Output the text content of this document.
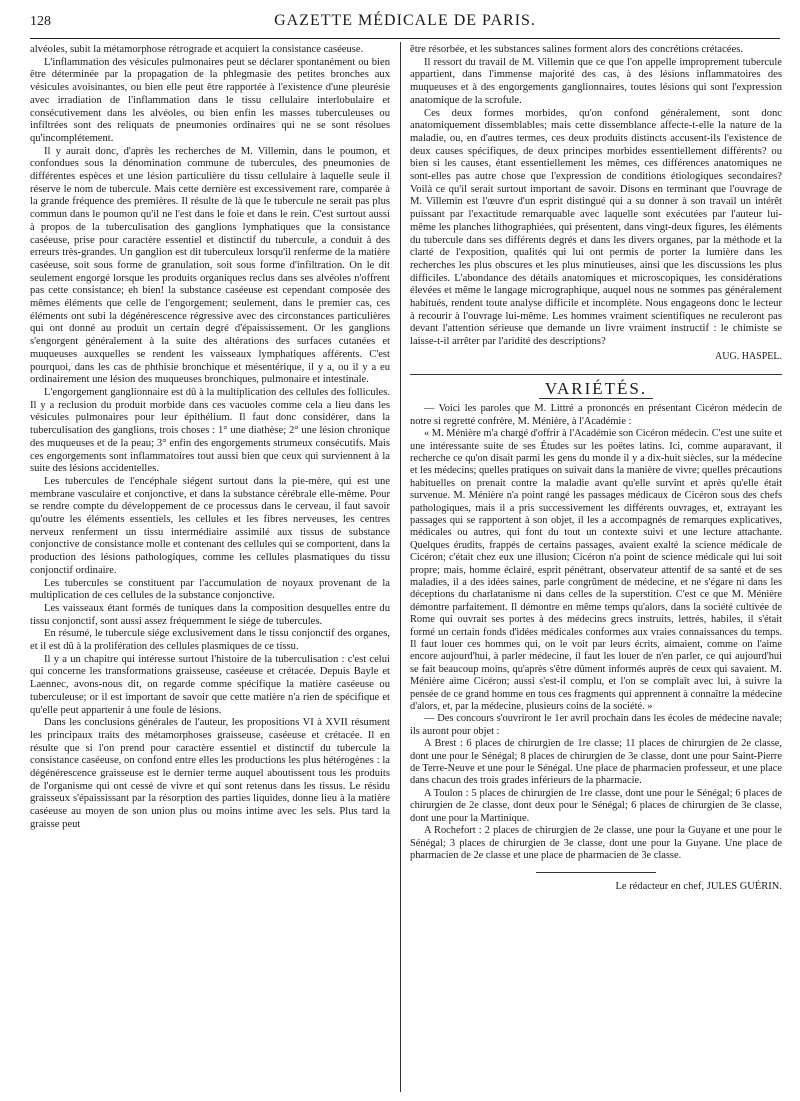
128	GAZETTE MÉDICALE DE PARIS.

alvéoles, subit la métamorphose rétrograde et acquiert la consistance caséeuse.

L'inflammation des vésicules pulmonaires peut se déclarer spontanément ou bien être déterminée par la propagation de la phlegmasie des petites bronches aux vésicules avoisinantes, ou bien elle peut être rapportée à l'existence d'une pleurésie avec irradiation de l'inflammation dans le tissu cellulaire interlobulaire et consécutivement dans les alvéoles, ou bien enfin les masses tuberculeuses ou infiltrées sont des reliquats de pneumonies ordinaires qui ne se sont résolues qu'incomplétement.

Il y aurait donc, d'après les recherches de M. Villemin, dans le poumon, et confondues sous la dénomination commune de tubercules, des pneumonies de différentes espèces et une lésion particulière du tissu cellulaire à laquelle seule il réserve le nom de tubercule. Mais cette dernière est excessivement rare, comparée à la grande fréquence des premières. Il résulte de là que le tubercule ne serait pas plus commun dans le poumon qu'il ne l'est dans le foie et dans le rein. C'est surtout aussi à propos de la tuberculisation des ganglions lymphatiques que la consistance caséeuse, prise pour caractère essentiel et distinctif du tubercule, a conduit à des erreurs très-grandes. Un ganglion est dit tuberculeux lorsqu'il renferme de la matière caséeuse, soit sous forme de granulation, soit sous forme d'infiltration. On le dit seulement engorgé lorsque les produits organiques reclus dans ses alvéoles n'offrent pas cette consistance; eh bien! la substance caséeuse est cependant composée des mêmes éléments que celle de l'engorgement; seulement, dans le premier cas, ces éléments ont subi la dégénérescence régressive avec des circonstances particulières qui ont donné au produit un certain degré d'épaississement. Or les ganglions s'engorgent généralement à la suite des altérations des surfaces cutanées et muqueuses auxquelles se rendent les vaisseaux lymphatiques afférents. C'est pourquoi, dans les cas de phthisie bronchique et mésentérique, il y a, ou il y a eu ordinairement une lésion des muqueuses bronchiques, pulmonaire et intestinale.

L'engorgement ganglionnaire est dû à la multiplication des cellules des follicules. Il y a reclusion du produit morbide dans ces vacuoles comme cela a lieu dans les vésicules pulmonaires pour leur épithélium. Il faut donc considérer, dans la tuberculisation des ganglions, trois choses : 1° une diathèse; 2° une lésion chronique des muqueuses et de la peau; 3° enfin des engorgements strumeux consécutifs. Mais ces engorgements sont inflammatoires tout aussi bien que ceux qui surviennent à la suite des lésions accidentelles.

Les tubercules de l'encéphale siégent surtout dans la pie-mère, qui est une membrane vasculaire et conjonctive, et dans la substance cérébrale elle-même. Pour se rendre compte du développement de ce processus dans le cerveau, il faut savoir qu'outre les éléments essentiels, les cellules et les fibres nerveuses, les centres nerveux renferment un tissu intermédiaire assimilé aux tissus de substance conjonctive de consistance molle et contenant des cellules qui se comportent, dans la production des lésions pathologiques, comme les cellules plasmatiques du tissu conjonctif ordinaire.

Les tubercules se constituent par l'accumulation de noyaux provenant de la multiplication de ces cellules de la substance conjonctive.

Les vaisseaux étant formés de tuniques dans la composition desquelles entre du tissu conjonctif, sont aussi assez fréquemment le siége de tubercules.

En résumé, le tubercule siége exclusivement dans le tissu conjonctif des organes, et il est dû à la prolifération des cellules plasmiques de ce tissu.

Il y a un chapitre qui intéresse surtout l'histoire de la tuberculisation : c'est celui qui concerne les transformations graisseuse, caséeuse et crétacée. Depuis Bayle et Laennec, avons-nous dit, on regarde comme spécifique la matière caséeuse ou tuberculeuse; or il est important de savoir que cette matière n'a rien de spécifique et qu'elle peut appartenir à une foule de lésions.

Dans les conclusions générales de l'auteur, les propositions VI à XVII résument les principaux traits des métamorphoses graisseuse, caséeuse et crétacée. Il en résulte que si l'on prend pour caractère essentiel et distinctif du tubercule la consistance caséeuse, on confond entre elles les productions les plus hétérogènes : la dégénérescence graisseuse est le dernier terme auquel aboutissent tous les produits de l'organisme qui ont cessé de vivre et qui sont retenus dans les tissus. Le résidu graisseux s'épaississant par la résorption des parties liquides, donne lieu à la matière caséeuse au moyen de son union plus ou moins intime avec les sels. Plus tard la graisse peut

être résorbée, et les substances salines forment alors des concrétions crétacées.

Il ressort du travail de M. Villemin que ce que l'on appelle improprement tubercule appartient, dans l'immense majorité des cas, à des lésions inflammatoires des muqueuses et à des engorgements ganglionnaires, toutes lésions qui sont l'expression anatomique de la scrofule.

Ces deux formes morbides, qu'on confond généralement, sont donc anatomiquement dissemblables; mais cette dissemblance affecte-t-elle la nature de la maladie, ou, en d'autres termes, ces deux produits distincts accusent-ils l'existence de deux causes spécifiques, de deux principes morbides essentiellement différents? ou bien si les causes, étant essentiellement les mêmes, ces différences anatomiques ne sont-elles pas autre chose que l'expression de conditions étiologiques secondaires? Voilà ce qu'il serait surtout important de savoir. Disons en terminant que l'ouvrage de M. Villemin est l'œuvre d'un esprit distingué qui a su donner à son travail un intérêt puissant par l'exactitude remarquable avec laquelle sont exécutées par l'auteur lui-même les planches lithographiées, qui présentent, dans vingt-deux figures, les éléments du tubercule dans ses différents degrés et dans les divers organes, par la méthode et la clarté de l'exposition, qualités qui lui ont permis de porter la lumière dans les recherches les plus obscures et les plus minutieuses, ainsi que les discussions les plus difficiles. L'abondance des détails anatomiques et microscopiques, les considérations élevées et même le langage micrographique, auquel nous ne sommes pas généralement habitués, rendent toute analyse difficile et incomplète. Nous engageons donc le lecteur à recourir à l'ouvrage lui-même. Les hommes vraiment scientifiques ne reculeront pas devant l'attention sérieuse que demande un livre vraiment instructif : le chimiste se laisse-t-il arrêter par l'aridité des descriptions?

AUG. HASPEL.
VARIÉTÉS.

— Voici les paroles que M. Littré a prononcés en présentant Cicéron médecin de notre si regretté confrère, M. Ménière, à l'Académie :

« M. Ménière m'a chargé d'offrir à l'Académie son Cicéron médecin. C'est une suite et une intéressante suite de ses Études sur les poëtes latins. Ici, comme auparavant, il recherche ce qu'on disait parmi les gens du monde il y a dix-huit siècles, sur la médecine et les médecins; quelles pratiques on suivait dans la manière de vivre; quelles précautions habituelles on prenait contre la maladie avant qu'elle survînt et après qu'elle était survenue. M. Ménière n'a point rangé les passages médicaux de Cicéron sous des chefs pathologiques, mais il a pris successivement les différents ouvrages, et, extrayant les passages qui se rapportent à son objet, il les a accompagnés de remarques explicatives, médicales ou autres, qui font du tout un contexte suivi et une lecture attachante. Quelques érudits, frappés de certains passages, avaient exalté la science médicale de Cicéron; c'était chez eux une illusion; Cicéron n'a point de science médicale qui lui soit propre; mais, homme éclairé, esprit pénétrant, observateur attentif de sa santé et de ses maladies, il a des idées saines, parle congrûment de médecine, et ne s'égare ni dans les déceptions du charlatanisme ni dans celles de la superstition. C'est ce que M. Ménière démontre parfaitement. Il démontre en même temps qu'alors, dans la société cultivée de Rome qui ouvrait ses portes à des médecins grecs instruits, lettrés, habiles, il s'était formé un certain fonds d'idées médicales conformes aux vraies connaissances du temps. Il faut louer ces hommes qui, on le voit par leurs écrits, aimaient, comme on l'aime encore aujourd'hui, à parler médecine, il faut les louer de n'en parler, ce qui aujourd'hui se fait beaucoup moins, qu'après s'être dûment informés auprès de ceux qui savaient. M. Ménière aime Cicéron; aussi s'est-il complu, et l'on se complaît avec lui, à suivre la pensée de ce grand homme en tous ces fragments qui apprennent à connaître la médecine d'alors, et, par la médecine, plusieurs coins de la société. »

— Des concours s'ouvriront le 1er avril prochain dans les écoles de médecine navale; ils auront pour objet :

A Brest : 6 places de chirurgien de 1re classe; 11 places de chirurgien de 2e classe, dont une pour le Sénégal; 8 places de chirurgien de 3e classe, dont une pour Saint-Pierre de Terre-Neuve et une pour le Sénégal. Une place de pharmacien professeur, et une place dans chacun des trois grades inférieurs de la pharmacie.

A Toulon : 5 places de chirurgien de 1re classe, dont une pour le Sénégal; 6 places de chirurgien de 2e classe, dont deux pour le Sénégal; 6 places de chirurgien de 3e classe, dont une pour la Martinique.

A Rochefort : 2 places de chirurgien de 2e classe, une pour la Guyane et une pour le Sénégal; 3 places de chirurgien de 3e classe, dont une pour la Guyane. Une place de pharmacien de 2e classe et une place de pharmacien de 3e classe.

Le rédacteur en chef, JULES GUÉRIN.
